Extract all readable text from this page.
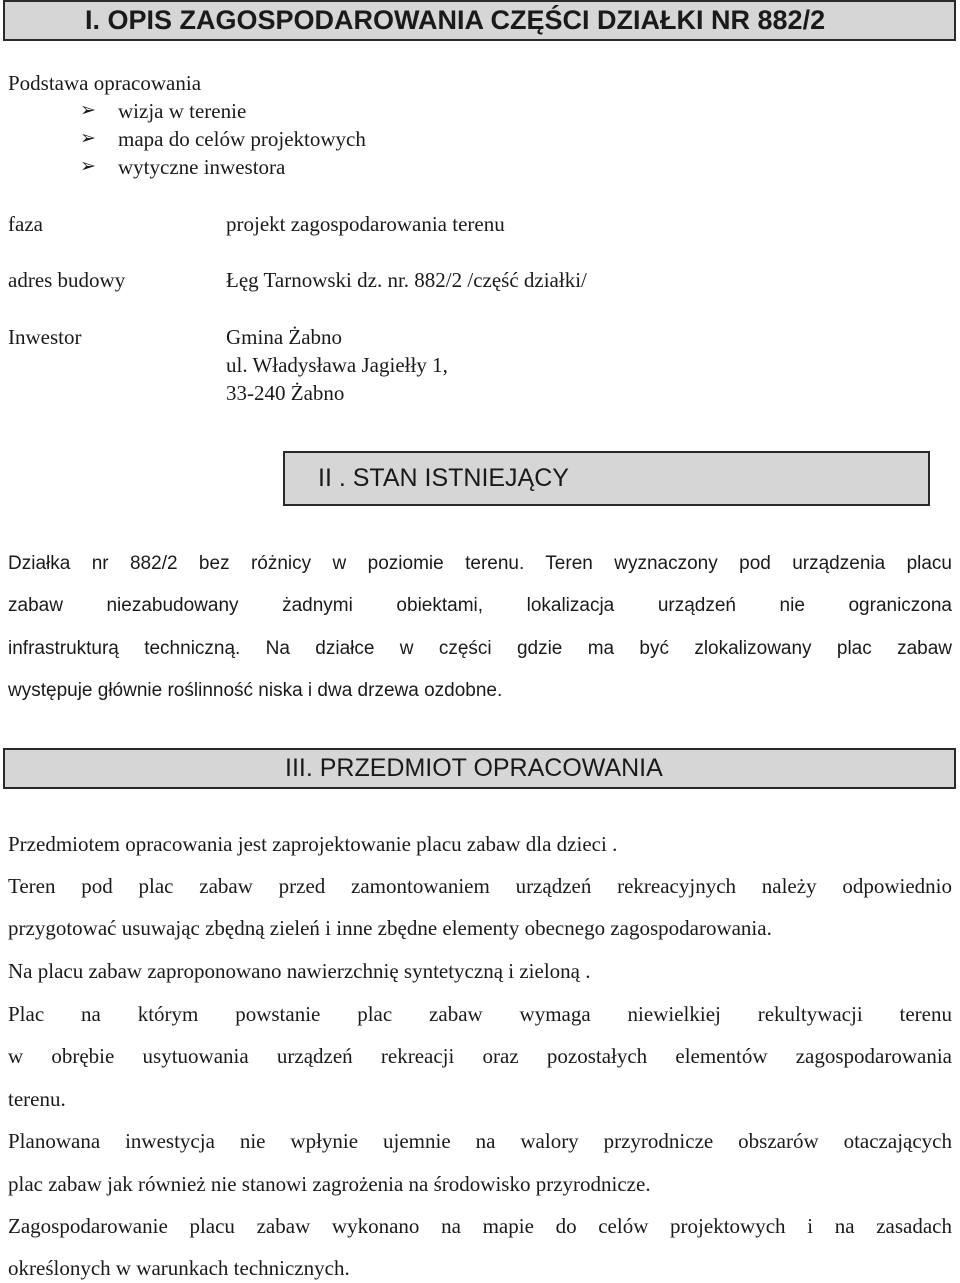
I. OPIS ZAGOSPODAROWANIA CZĘŚCI DZIAŁKI NR 882/2
Podstawa opracowania
➢ wizja w terenie
➢ mapa do celów projektowych
➢ wytyczne inwestora
faza	projekt zagospodarowania terenu
adres budowy	Łęg Tarnowski dz. nr. 882/2 /część działki/
Inwestor	Gmina Żabno
ul. Władysława Jagiełły 1,
33-240 Żabno
II . STAN ISTNIEJĄCY
Działka nr 882/2 bez różnicy w poziomie terenu. Teren wyznaczony pod urządzenia placu
zabaw niezabudowany żadnymi obiektami, lokalizacja urządzeń nie ograniczona
infrastrukturą techniczną. Na działce w części gdzie ma być zlokalizowany plac zabaw
występuje głównie roślinność niska i dwa drzewa ozdobne.
III. PRZEDMIOT OPRACOWANIA
Przedmiotem opracowania jest zaprojektowanie placu zabaw dla dzieci .
Teren pod plac zabaw przed zamontowaniem urządzeń rekreacyjnych należy odpowiednio
przygotować usuwając zbędną zieleń i inne zbędne elementy obecnego zagospodarowania.
Na placu zabaw zaproponowano nawierzchnię syntetyczną i zieloną .
Plac na którym powstanie plac zabaw wymaga niewielkiej rekultywacji terenu
w obrębie usytuowania urządzeń rekreacji oraz pozostałych elementów zagospodarowania
terenu.
Planowana inwestycja nie wpłynie ujemnie na walory przyrodnicze obszarów otaczających
plac zabaw jak również nie stanowi zagrożenia na środowisko przyrodnicze.
Zagospodarowanie placu zabaw wykonano na mapie do celów projektowych i na zasadach
określonych w warunkach technicznych.
